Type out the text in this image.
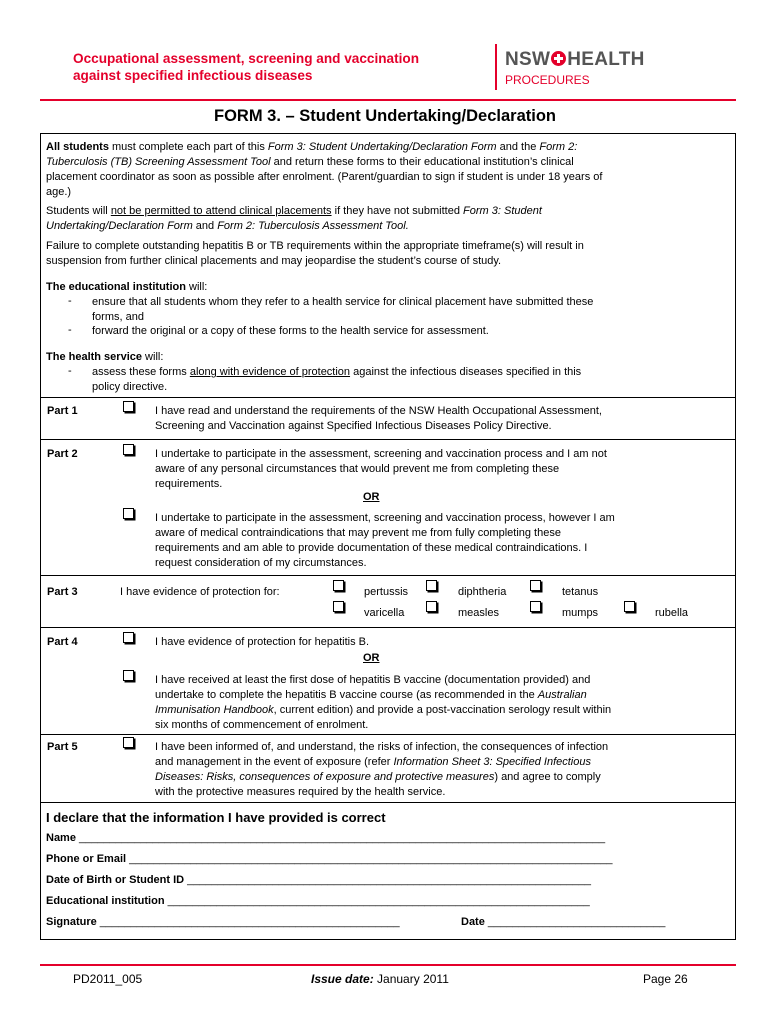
Occupational assessment, screening and vaccination
against specified infectious diseases
NSW HEALTH
PROCEDURES
FORM 3. – Student Undertaking/Declaration
All students must complete each part of this Form 3: Student Undertaking/Declaration Form and the Form 2:
Tuberculosis (TB) Screening Assessment Tool and return these forms to their educational institution’s clinical
placement coordinator as soon as possible after enrolment. (Parent/guardian to sign if student is under 18 years of
age.)
Students will not be permitted to attend clinical placements if they have not submitted Form 3: Student
Undertaking/Declaration Form and Form 2: Tuberculosis Assessment Tool.
Failure to complete outstanding hepatitis B or TB requirements within the appropriate timeframe(s) will result in
suspension from further clinical placements and may jeopardise the student’s course of study.
The educational institution will:
- ensure that all students whom they refer to a health service for clinical placement have submitted these
forms, and
- forward the original or a copy of these forms to the health service for assessment.
The health service will:
- assess these forms along with evidence of protection against the infectious diseases specified in this
policy directive.
Part 1	I have read and understand the requirements of the NSW Health Occupational Assessment,
Screening and Vaccination against Specified Infectious Diseases Policy Directive.
Part 2	I undertake to participate in the assessment, screening and vaccination process and I am not
aware of any personal circumstances that would prevent me from completing these
requirements.
OR
I undertake to participate in the assessment, screening and vaccination process, however I am
aware of medical contraindications that may prevent me from fully completing these
requirements and am able to provide documentation of these medical contraindications. I
request consideration of my circumstances.
Part 3	I have evidence of protection for:	pertussis	diphtheria	tetanus
varicella	measles	mumps	rubella
Part 4	I have evidence of protection for hepatitis B.
OR
I have received at least the first dose of hepatitis B vaccine (documentation provided) and
undertake to complete the hepatitis B vaccine course (as recommended in the Australian
Immunisation Handbook, current edition) and provide a post-vaccination serology result within
six months of commencement of enrolment.
Part 5	I have been informed of, and understand, the risks of infection, the consequences of infection
and management in the event of exposure (refer Information Sheet 3: Specified Infectious
Diseases: Risks, consequences of exposure and protective measures) and agree to comply
with the protective measures required by the health service.
I declare that the information I have provided is correct
Name ______________________________________________________________________________________
Phone or Email _______________________________________________________________________________
Date of Birth or Student ID __________________________________________________________________
Educational institution _____________________________________________________________________
Signature _________________________________________________	Date _____________________________
PD2011_005	Issue date: January 2011	Page 26
